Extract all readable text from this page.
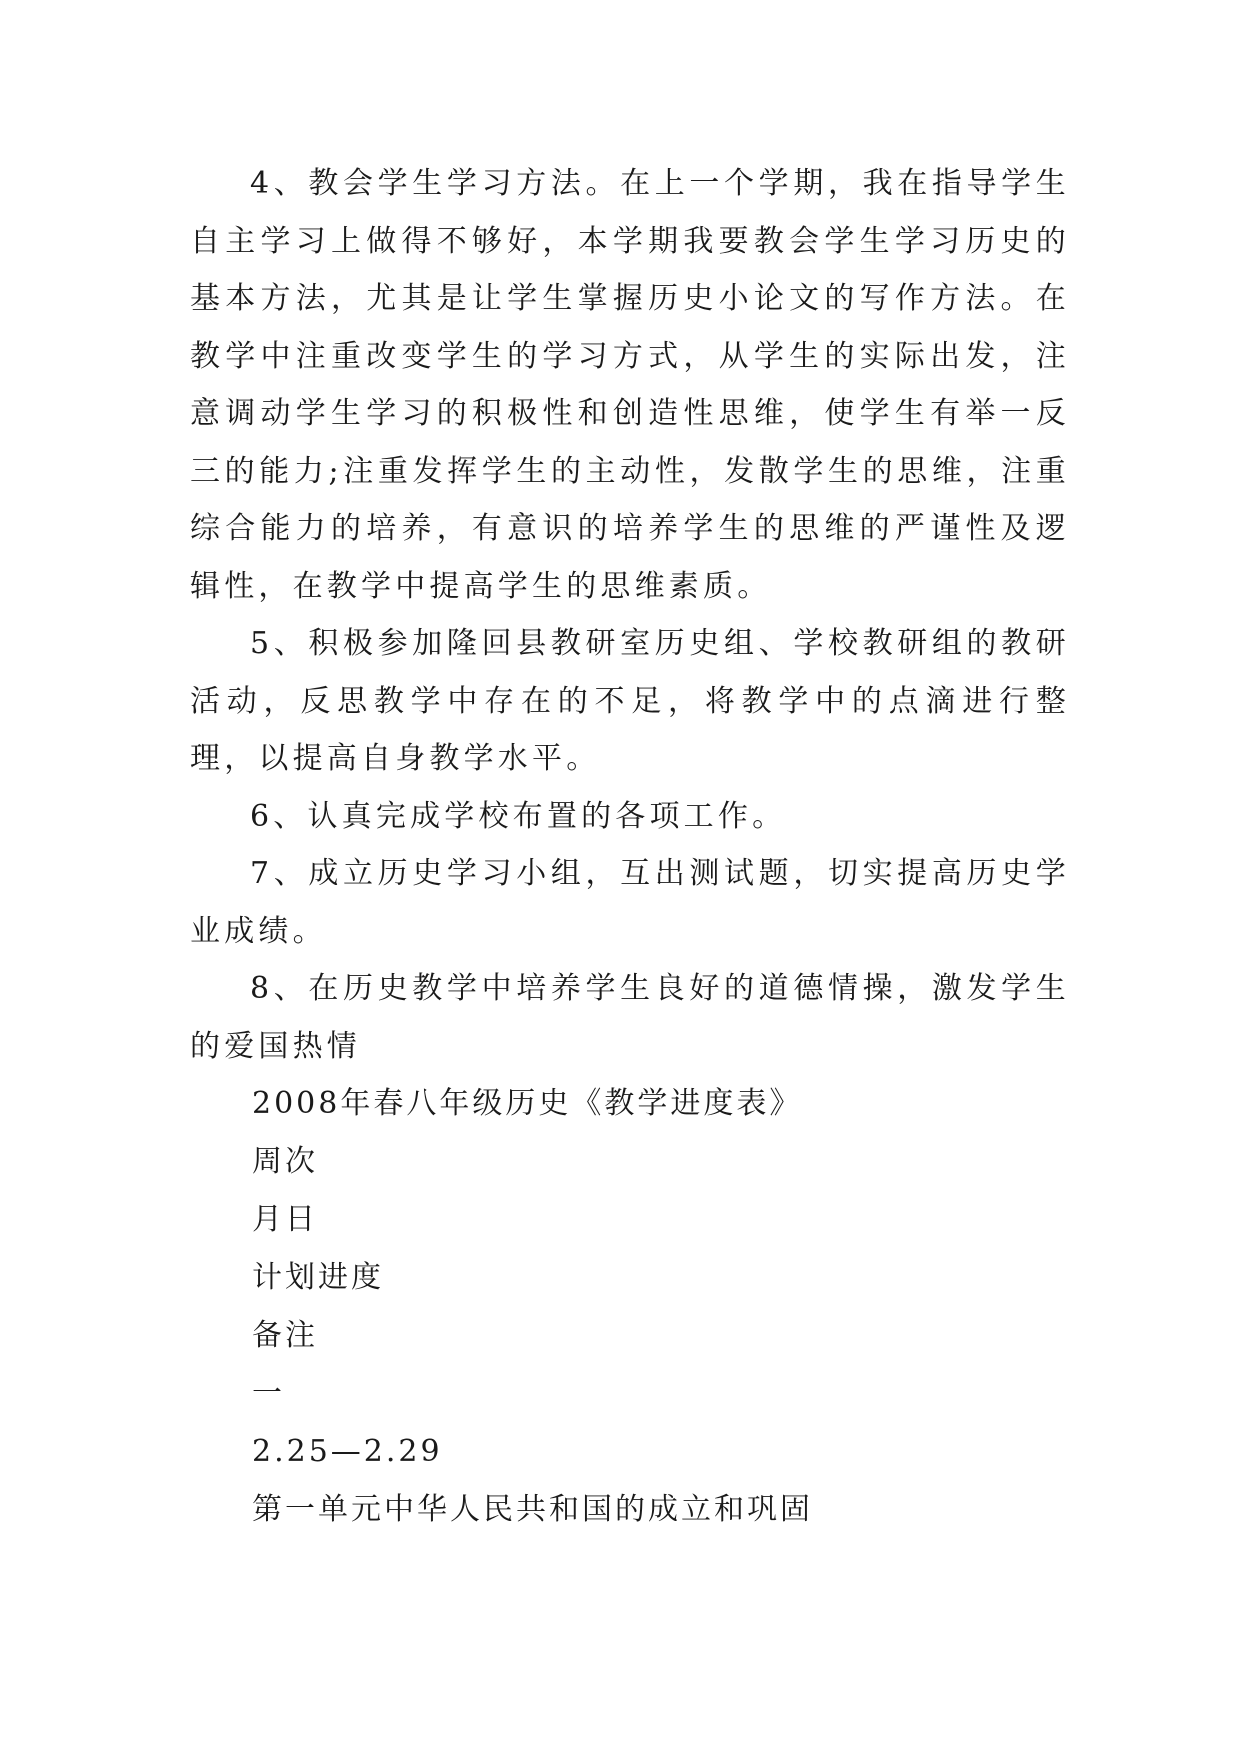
4、教会学生学习方法。在上一个学期，我在指导学生自主学习上做得不够好，本学期我要教会学生学习历史的基本方法，尤其是让学生掌握历史小论文的写作方法。在教学中注重改变学生的学习方式，从学生的实际出发，注意调动学生学习的积极性和创造性思维，使学生有举一反三的能力;注重发挥学生的主动性，发散学生的思维，注重综合能力的培养，有意识的培养学生的思维的严谨性及逻辑性，在教学中提高学生的思维素质。

5、积极参加隆回县教研室历史组、学校教研组的教研活动，反思教学中存在的不足，将教学中的点滴进行整理，以提高自身教学水平。

6、认真完成学校布置的各项工作。

7、成立历史学习小组，互出测试题，切实提高历史学业成绩。

8、在历史教学中培养学生良好的道德情操，激发学生的爱国热情

2008年春八年级历史《教学进度表》

周次

月日

计划进度

备注

一

2.25—2.29

第一单元中华人民共和国的成立和巩固
